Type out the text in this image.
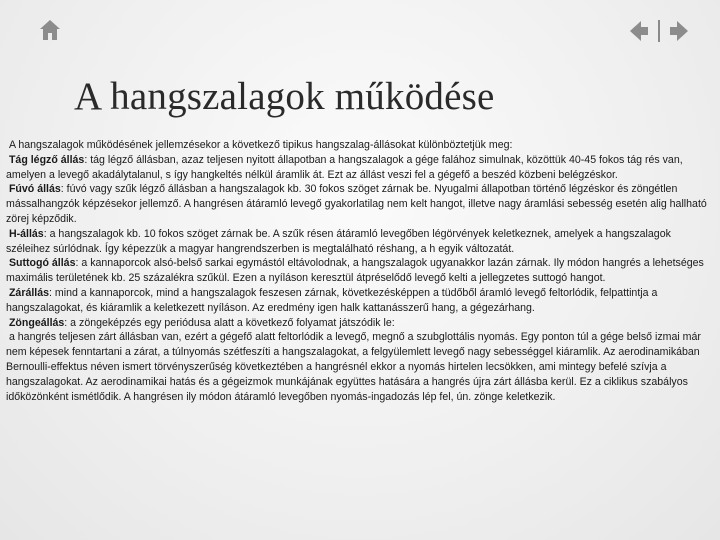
A hangszalagok működése

A hangszalagok működésének jellemzésekor a következő tipikus hangszalag-állásokat különböztetjük meg:

Tág légző állás: tág légző állásban, azaz teljesen nyitott állapotban a hangszalagok a gége falához simulnak, közöttük 40-45 fokos tág rés van, amelyen a levegő akadálytalanul, s így hangkeltés nélkül áramlik át. Ezt az állást veszi fel a gégefő a beszéd közbeni belégzéskor.

Fúvó állás: fúvó vagy szűk légző állásban a hangszalagok kb. 30 fokos szöget zárnak be. Nyugalmi állapotban történő légzéskor és zöngétlen mássalhangzók képzésekor jellemző. A hangrésen átáramló levegő gyakorlatilag nem kelt hangot, illetve nagy áramlási sebesség esetén alig hallható zörej képződik.

H-állás: a hangszalagok kb. 10 fokos szöget zárnak be. A szűk résen átáramló levegőben légörvények keletkeznek, amelyek a hangszalagok széleihez súrlódnak. Így képezzük a magyar hangrendszerben is megtalálható réshang, a h egyik változatát.

Suttogó állás: a kannaporcok alsó-belső sarkai egymástól eltávolodnak, a hangszalagok ugyanakkor lazán zárnak. Ily módon hangrés a lehetséges maximális területének kb. 25 százalékra szűkül. Ezen a nyíláson keresztül átpréselődő levegő kelti a jellegzetes suttogó hangot.

Zárállás: mind a kannaporcok, mind a hangszalagok feszesen zárnak, következésképpen a tüdőből áramló levegő feltorlódik, felpattintja a hangszalagokat, és kiáramlik a keletkezett nyíláson. Az eredmény igen halk kattanásszerű hang, a gégezárhang.

Zöngeállás: a zöngeképzés egy periódusa alatt a következő folyamat játszódik le:

a hangrés teljesen zárt állásban van, ezért a gégefő alatt feltorlódik a levegő, megnő a szubglottális nyomás. Egy ponton túl a gége belső izmai már nem képesek fenntartani a zárat, a túlnyomás szétfeszíti a hangszalagokat, a felgyülemlett levegő nagy sebességgel kiáramlik. Az aerodinamikában Bernoulli-effektus néven ismert törvényszerűség következtében a hangrésnél ekkor a nyomás hirtelen lecsökken, ami mintegy befelé szívja a hangszalagokat. Az aerodinamikai hatás és a gégeizmok munkájának együttes hatására a hangrés újra zárt állásba kerül. Ez a ciklikus szabályos időközönként ismétlődik. A hangrésen ily módon átáramló levegőben nyomás-ingadozás lép fel, ún. zönge keletkezik.
